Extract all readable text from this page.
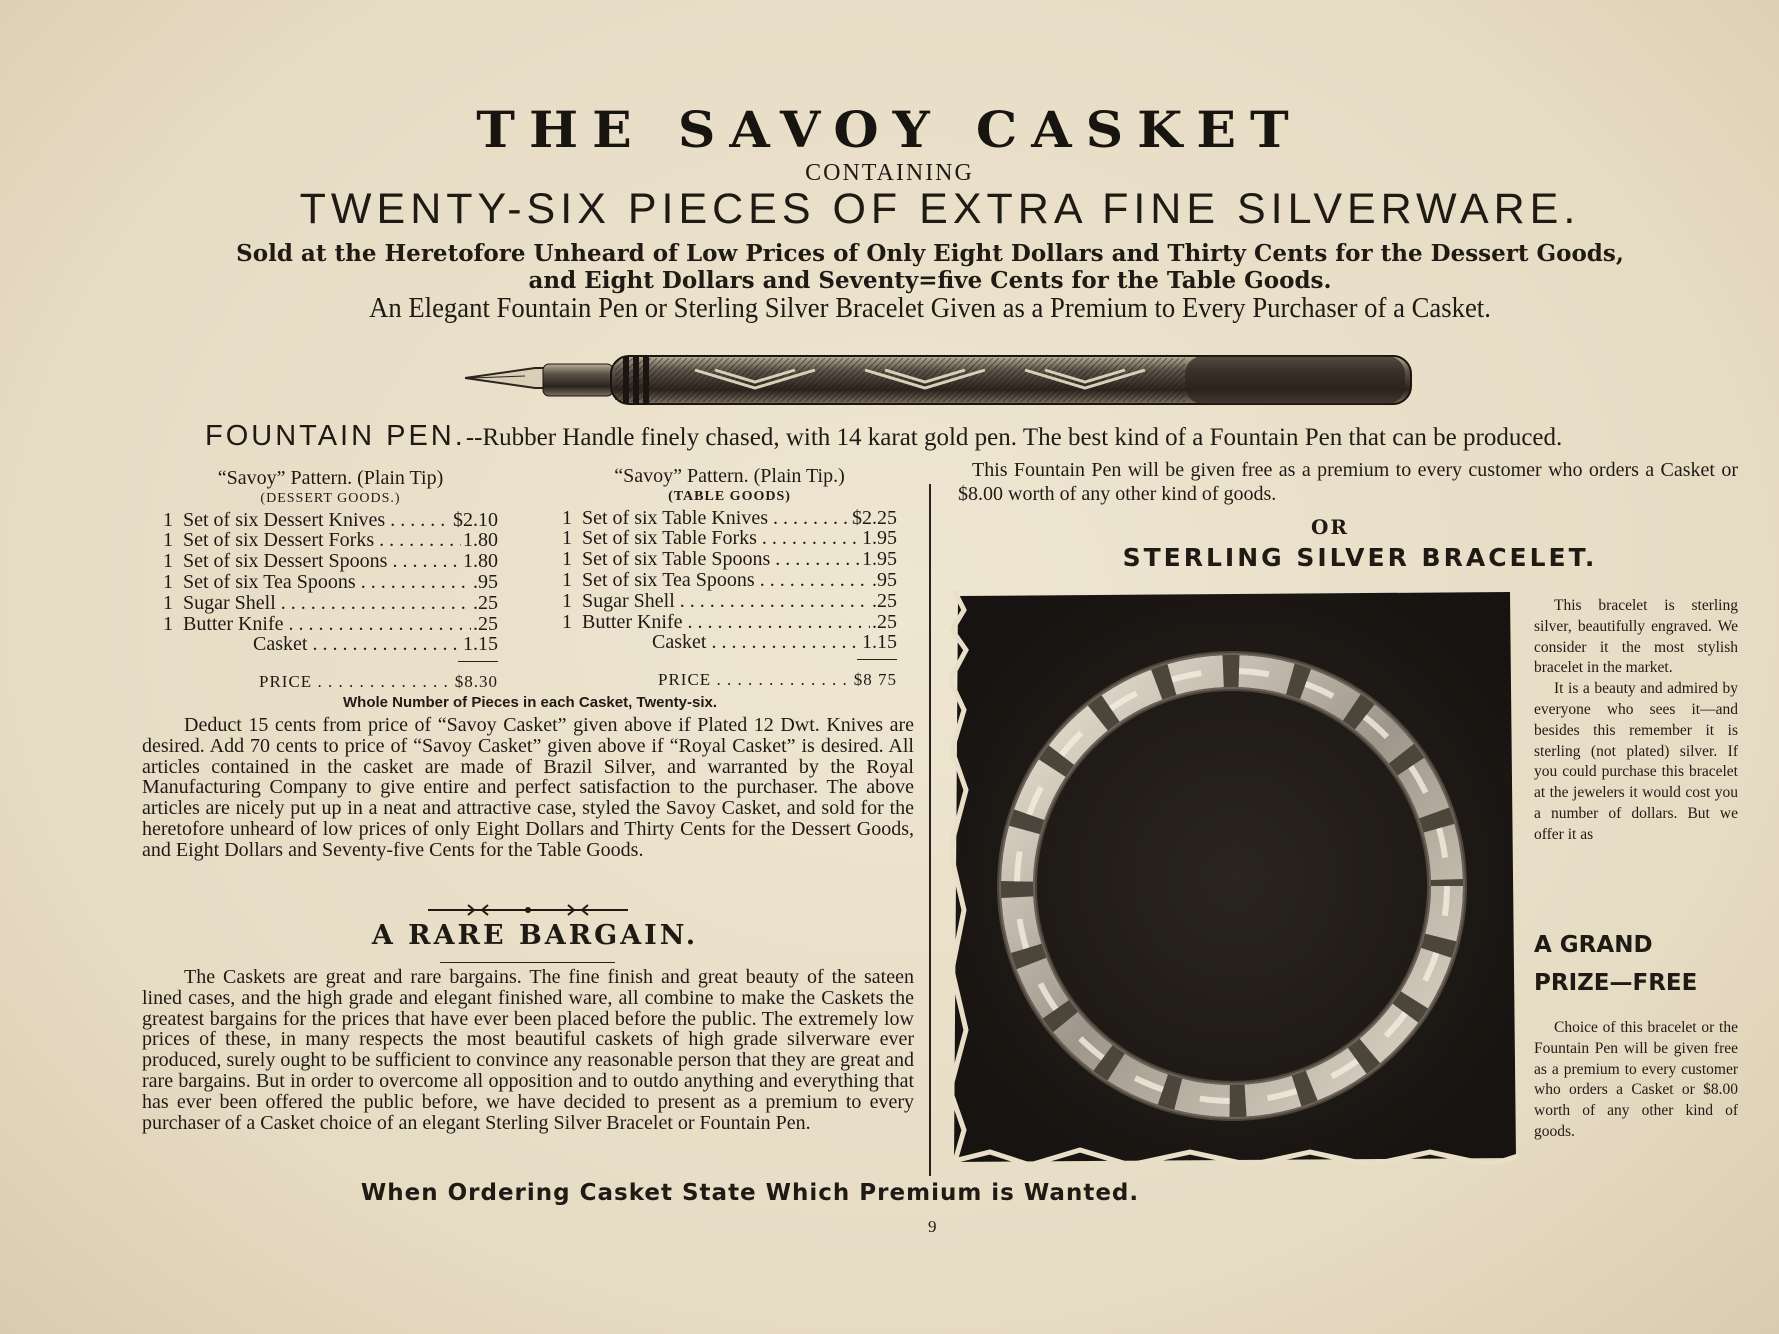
THE SAVOY CASKET
CONTAINING
TWENTY-SIX PIECES OF EXTRA FINE SILVERWARE.
Sold at the Heretofore Unheard of Low Prices of Only Eight Dollars and Thirty Cents for the Dessert Goods,
and Eight Dollars and Seventy=five Cents for the Table Goods.
An Elegant Fountain Pen or Sterling Silver Bracelet Given as a Premium to Every Purchaser of a Casket.
FOUNTAIN PEN.--Rubber Handle finely chased, with 14 karat gold pen. The best kind of a Fountain Pen that can be produced.
“Savoy” Pattern. (Plain Tip)
(DESSERT GOODS.)
1 Set of six Dessert Knives . . .	$2.10
1 Set of six Dessert Forks . . .	1.80
1 Set of six Dessert Spoons . . .	1.80
1 Set of six Tea Spoons . . .	.95
1 Sugar Shell . . .	.25
1 Butter Knife . . .	.25
Casket . . .	1.15
PRICE . . .	$8.30
“Savoy” Pattern. (Plain Tip.)
(TABLE GOODS)
1 Set of six Table Knives . . .	$2.25
1 Set of six Table Forks . . .	1.95
1 Set of six Table Spoons . . .	1.95
1 Set of six Tea Spoons . . .	.95
1 Sugar Shell . . .	.25
1 Butter Knife . . .	.25
Casket . . .	1.15
PRICE . . .	$8 75
Whole Number of Pieces in each Casket, Twenty-six.
Deduct 15 cents from price of “Savoy Casket” given above if Plated 12 Dwt. Knives are desired. Add 70 cents to price of “Savoy Casket” given above if “Royal Casket” is desired. All articles contained in the casket are made of Brazil Silver, and warranted by the Royal Manufacturing Company to give entire and perfect satisfaction to the purchaser. The above articles are nicely put up in a neat and attractive case, styled the Savoy Casket, and sold for the heretofore unheard of low prices of only Eight Dollars and Thirty Cents for the Dessert Goods, and Eight Dollars and Seventy-five Cents for the Table Goods.
A RARE BARGAIN.
The Caskets are great and rare bargains. The fine finish and great beauty of the sateen lined cases, and the high grade and elegant finished ware, all combine to make the Caskets the greatest bargains for the prices that have ever been placed before the public. The extremely low prices of these, in many respects the most beautiful caskets of high grade silverware ever produced, surely ought to be sufficient to convince any reasonable person that they are great and rare bargains. But in order to overcome all opposition and to outdo anything and everything that has ever been offered the public before, we have decided to present as a premium to every purchaser of a Casket choice of an elegant Sterling Silver Bracelet or Fountain Pen.
This Fountain Pen will be given free as a premium to every customer who orders a Casket or $8.00 worth of any other kind of goods.
OR
STERLING SILVER BRACELET.
This bracelet is sterling silver, beautifully engraved. We consider it the most stylish bracelet in the market.
It is a beauty and admired by everyone who sees it—and besides this remember it is sterling (not plated) silver. If you could purchase this bracelet at the jewelers it would cost you a number of dollars. But we offer it as
A GRAND PRIZE—FREE
Choice of this bracelet or the Fountain Pen will be given free as a premium to every customer who orders a Casket or $8.00 worth of any other kind of goods.
When Ordering Casket State Which Premium is Wanted.
9
